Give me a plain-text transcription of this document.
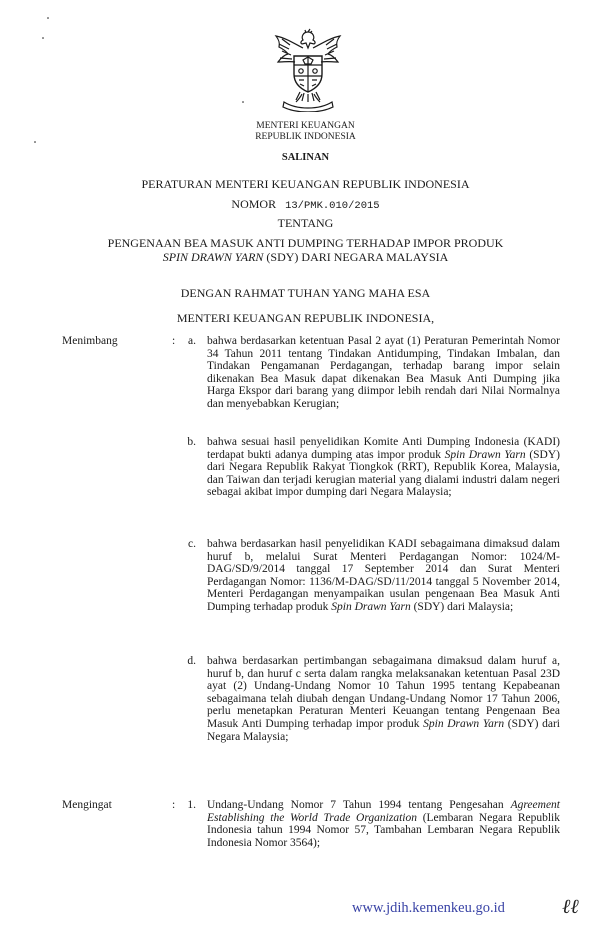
MENTERI KEUANGAN
REPUBLIK INDONESIA
SALINAN
PERATURAN MENTERI KEUANGAN REPUBLIK INDONESIA
NOMOR 13/PMK.010/2015
TENTANG
PENGENAAN BEA MASUK ANTI DUMPING TERHADAP IMPOR PRODUK
SPIN DRAWN YARN (SDY) DARI NEGARA MALAYSIA
DENGAN RAHMAT TUHAN YANG MAHA ESA
MENTERI KEUANGAN REPUBLIK INDONESIA,
Menimbang	:	a. bahwa berdasarkan ketentuan Pasal 2 ayat (1) Peraturan Pemerintah Nomor 34 Tahun 2011 tentang Tindakan Antidumping, Tindakan Imbalan, dan Tindakan Pengamanan Perdagangan, terhadap barang impor selain dikenakan Bea Masuk dapat dikenakan Bea Masuk Anti Dumping jika Harga Ekspor dari barang yang diimpor lebih rendah dari Nilai Normalnya dan menyebabkan Kerugian;

b. bahwa sesuai hasil penyelidikan Komite Anti Dumping Indonesia (KADI) terdapat bukti adanya dumping atas impor produk Spin Drawn Yarn (SDY) dari Negara Republik Rakyat Tiongkok (RRT), Republik Korea, Malaysia, dan Taiwan dan terjadi kerugian material yang dialami industri dalam negeri sebagai akibat impor dumping dari Negara Malaysia;

c. bahwa berdasarkan hasil penyelidikan KADI sebagaimana dimaksud dalam huruf b, melalui Surat Menteri Perdagangan Nomor: 1024/M-DAG/SD/9/2014 tanggal 17 September 2014 dan Surat Menteri Perdagangan Nomor: 1136/M-DAG/SD/11/2014 tanggal 5 November 2014, Menteri Perdagangan menyampaikan usulan pengenaan Bea Masuk Anti Dumping terhadap produk Spin Drawn Yarn (SDY) dari Malaysia;

d. bahwa berdasarkan pertimbangan sebagaimana dimaksud dalam huruf a, huruf b, dan huruf c serta dalam rangka melaksanakan ketentuan Pasal 23D ayat (2) Undang-Undang Nomor 10 Tahun 1995 tentang Kepabeanan sebagaimana telah diubah dengan Undang-Undang Nomor 17 Tahun 2006, perlu menetapkan Peraturan Menteri Keuangan tentang Pengenaan Bea Masuk Anti Dumping terhadap impor produk Spin Drawn Yarn (SDY) dari Negara Malaysia;

Mengingat	:	1. Undang-Undang Nomor 7 Tahun 1994 tentang Pengesahan Agreement Establishing the World Trade Organization (Lembaran Negara Republik Indonesia tahun 1994 Nomor 57, Tambahan Lembaran Negara Republik Indonesia Nomor 3564);

www.jdih.kemenkeu.go.id	ℓℓ
